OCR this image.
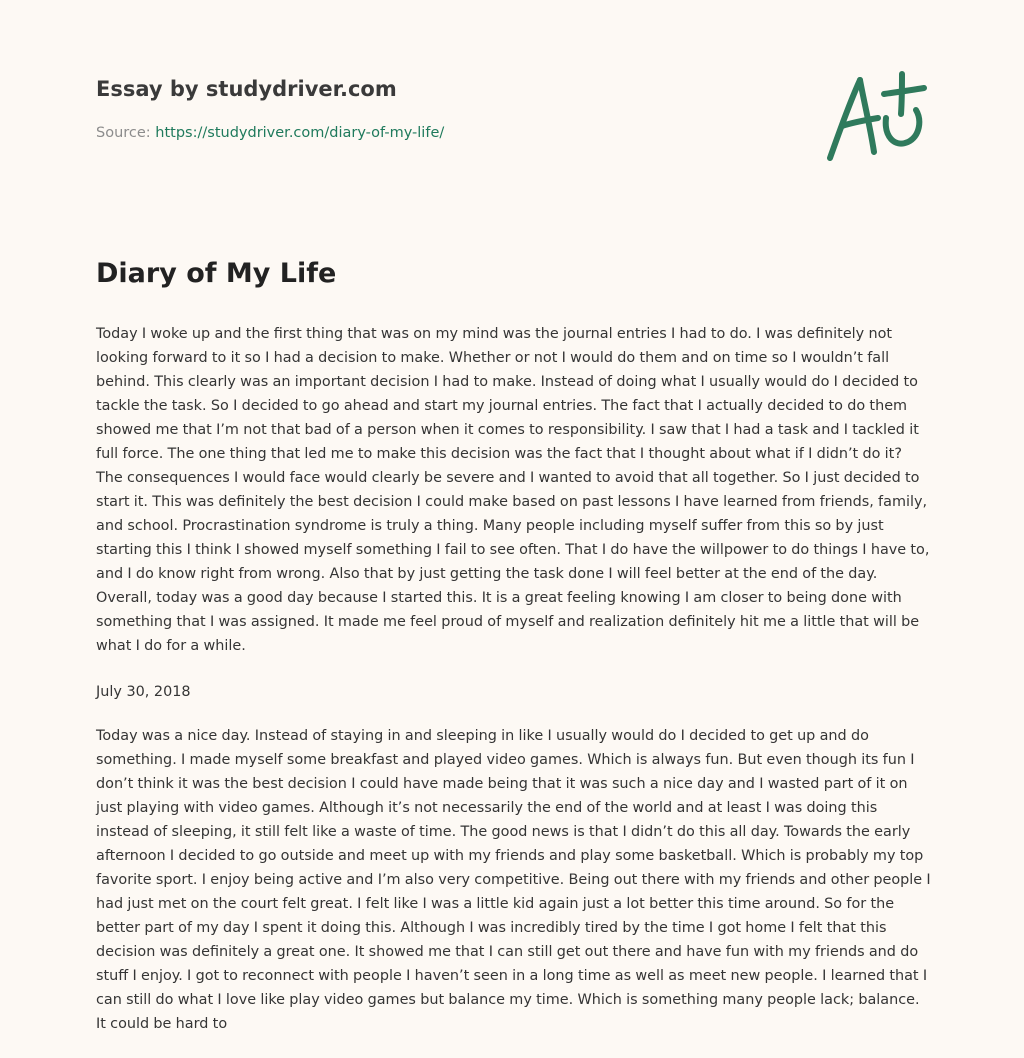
Essay by studydriver.com
Source: https://studydriver.com/diary-of-my-life/
Diary of My Life

Today I woke up and the first thing that was on my mind was the journal entries I had to do. I was definitely not looking forward to it so I had a decision to make. Whether or not I would do them and on time so I wouldn’t fall behind. This clearly was an important decision I had to make. Instead of doing what I usually would do I decided to tackle the task. So I decided to go ahead and start my journal entries. The fact that I actually decided to do them showed me that I’m not that bad of a person when it comes to responsibility. I saw that I had a task and I tackled it full force. The one thing that led me to make this decision was the fact that I thought about what if I didn’t do it? The consequences I would face would clearly be severe and I wanted to avoid that all together. So I just decided to start it. This was definitely the best decision I could make based on past lessons I have learned from friends, family, and school. Procrastination syndrome is truly a thing. Many people including myself suffer from this so by just starting this I think I showed myself something I fail to see often. That I do have the willpower to do things I have to, and I do know right from wrong. Also that by just getting the task done I will feel better at the end of the day. Overall, today was a good day because I started this. It is a great feeling knowing I am closer to being done with something that I was assigned. It made me feel proud of myself and realization definitely hit me a little that will be what I do for a while.

July 30, 2018

Today was a nice day. Instead of staying in and sleeping in like I usually would do I decided to get up and do something. I made myself some breakfast and played video games. Which is always fun. But even though its fun I don’t think it was the best decision I could have made being that it was such a nice day and I wasted part of it on just playing with video games. Although it’s not necessarily the end of the world and at least I was doing this instead of sleeping, it still felt like a waste of time. The good news is that I didn’t do this all day. Towards the early afternoon I decided to go outside and meet up with my friends and play some basketball. Which is probably my top favorite sport. I enjoy being active and I’m also very competitive. Being out there with my friends and other people I had just met on the court felt great. I felt like I was a little kid again just a lot better this time around. So for the better part of my day I spent it doing this. Although I was incredibly tired by the time I got home I felt that this decision was definitely a great one. It showed me that I can still get out there and have fun with my friends and do stuff I enjoy. I got to reconnect with people I haven’t seen in a long time as well as meet new people. I learned that I can still do what I love like play video games but balance my time. Which is something many people lack; balance. It could be hard to
